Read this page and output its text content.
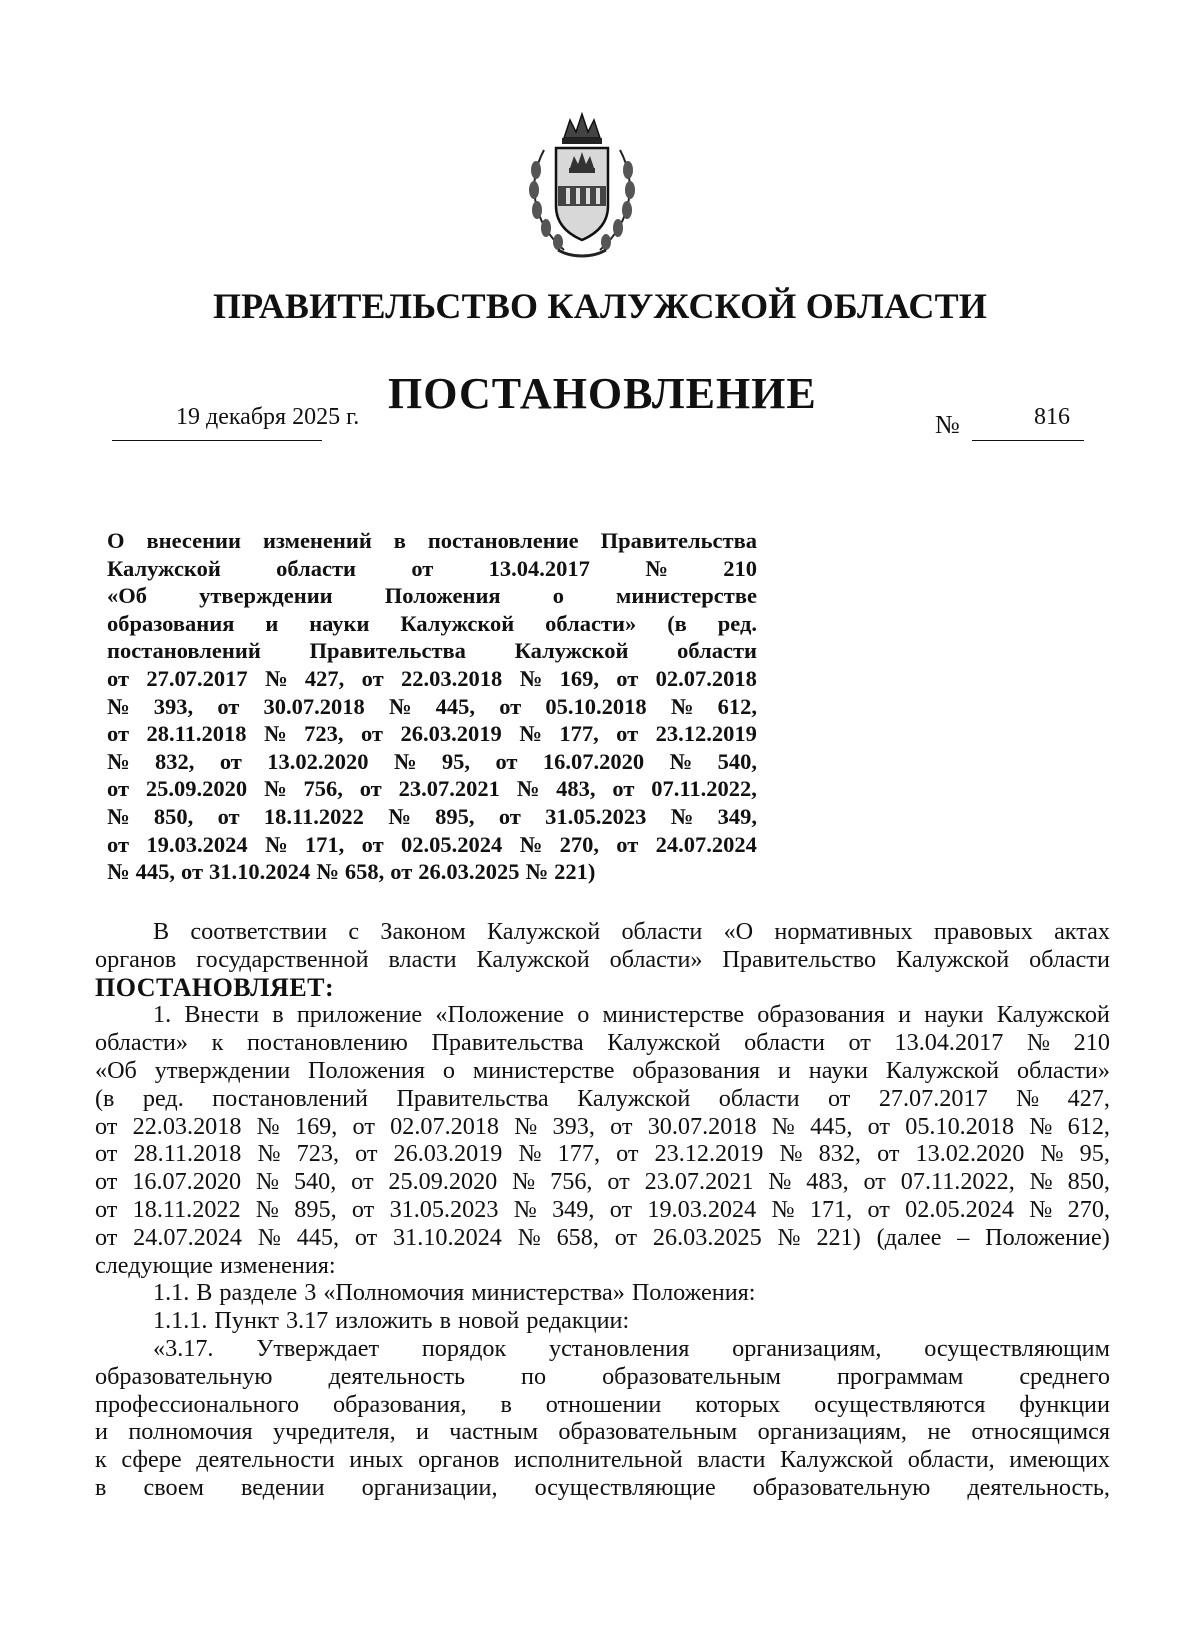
ПРАВИТЕЛЬСТВО КАЛУЖСКОЙ ОБЛАСТИ
ПОСТАНОВЛЕНИЕ
19 декабря 2025 г.	№	816
О внесении изменений в постановление Правительства
Калужской области от 13.04.2017 № 210
«Об утверждении Положения о министерстве
образования и науки Калужской области» (в ред.
постановлений Правительства Калужской области
от 27.07.2017 № 427, от 22.03.2018 № 169, от 02.07.2018
№ 393, от 30.07.2018 № 445, от 05.10.2018 № 612,
от 28.11.2018 № 723, от 26.03.2019 № 177, от 23.12.2019
№ 832, от 13.02.2020 № 95, от 16.07.2020 № 540,
от 25.09.2020 № 756, от 23.07.2021 № 483, от 07.11.2022,
№ 850, от 18.11.2022 № 895, от 31.05.2023 № 349,
от 19.03.2024 № 171, от 02.05.2024 № 270, от 24.07.2024
№ 445, от 31.10.2024 № 658, от 26.03.2025 № 221)
В соответствии с Законом Калужской области «О нормативных правовых актах
органов государственной власти Калужской области» Правительство Калужской области
ПОСТАНОВЛЯЕТ:
1. Внести в приложение «Положение о министерстве образования и науки Калужской
области» к постановлению Правительства Калужской области от 13.04.2017 № 210
«Об утверждении Положения о министерстве образования и науки Калужской области»
(в ред. постановлений Правительства Калужской области от 27.07.2017 № 427,
от 22.03.2018 № 169, от 02.07.2018 № 393, от 30.07.2018 № 445, от 05.10.2018 № 612,
от 28.11.2018 № 723, от 26.03.2019 № 177, от 23.12.2019 № 832, от 13.02.2020 № 95,
от 16.07.2020 № 540, от 25.09.2020 № 756, от 23.07.2021 № 483, от 07.11.2022, № 850,
от 18.11.2022 № 895, от 31.05.2023 № 349, от 19.03.2024 № 171, от 02.05.2024 № 270,
от 24.07.2024 № 445, от 31.10.2024 № 658, от 26.03.2025 № 221) (далее – Положение)
следующие изменения:
1.1. В разделе 3 «Полномочия министерства» Положения:
1.1.1. Пункт 3.17 изложить в новой редакции:
«3.17. Утверждает порядок установления организациям, осуществляющим
образовательную деятельность по образовательным программам среднего
профессионального образования, в отношении которых осуществляются функции
и полномочия учредителя, и частным образовательным организациям, не относящимся
к сфере деятельности иных органов исполнительной власти Калужской области, имеющих
в своем ведении организации, осуществляющие образовательную деятельность,
